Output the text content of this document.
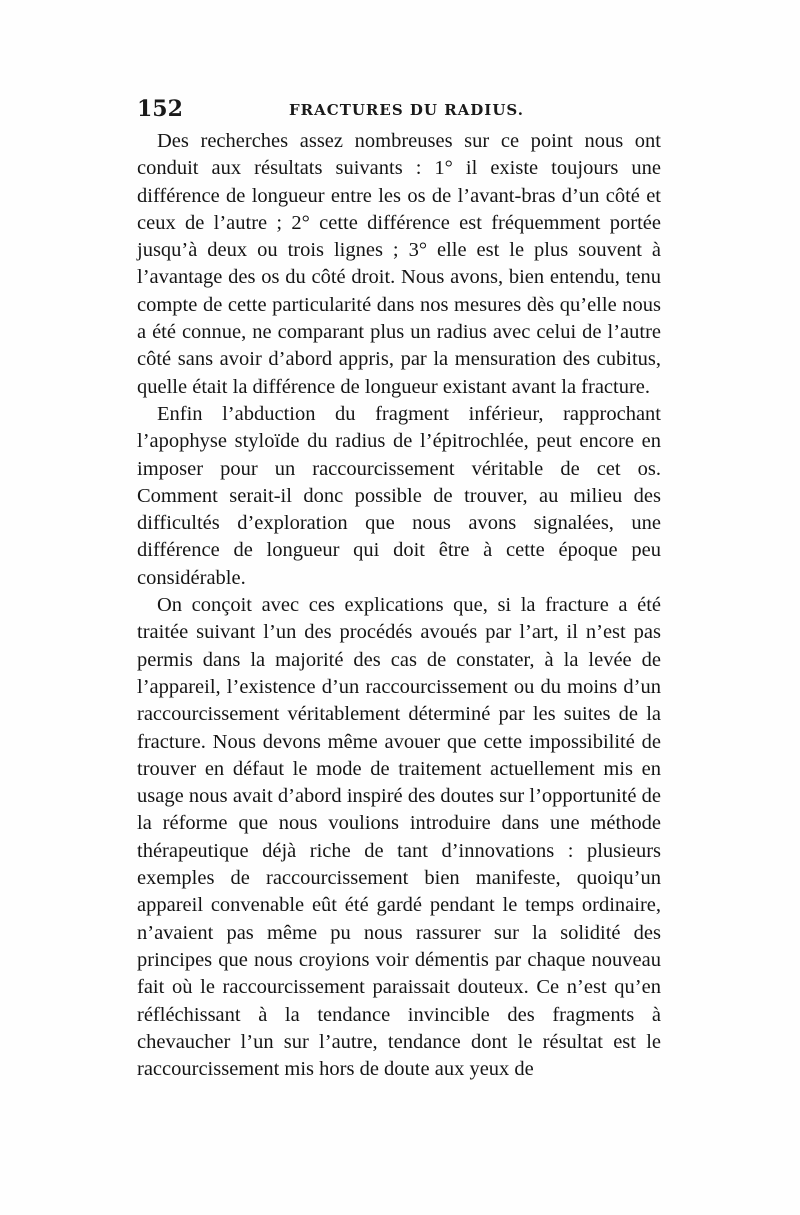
152	FRACTURES DU RADIUS.

Des recherches assez nombreuses sur ce point nous ont conduit aux résultats suivants : 1° il existe toujours une différence de longueur entre les os de l’avant-bras d’un côté et ceux de l’autre ; 2° cette différence est fréquemment portée jusqu’à deux ou trois lignes ; 3° elle est le plus souvent à l’avantage des os du côté droit. Nous avons, bien entendu, tenu compte de cette particularité dans nos mesures dès qu’elle nous a été connue, ne comparant plus un radius avec celui de l’autre côté sans avoir d’abord appris, par la mensuration des cubitus, quelle était la différence de longueur existant avant la fracture.

Enfin l’abduction du fragment inférieur, rapprochant l’apophyse styloïde du radius de l’épitrochlée, peut encore en imposer pour un raccourcissement véritable de cet os. Comment serait-il donc possible de trouver, au milieu des difficultés d’exploration que nous avons signalées, une différence de longueur qui doit être à cette époque peu considérable.

On conçoit avec ces explications que, si la fracture a été traitée suivant l’un des procédés avoués par l’art, il n’est pas permis dans la majorité des cas de constater, à la levée de l’appareil, l’existence d’un raccourcissement ou du moins d’un raccourcissement véritablement déterminé par les suites de la fracture. Nous devons même avouer que cette impossibilité de trouver en défaut le mode de traitement actuellement mis en usage nous avait d’abord inspiré des doutes sur l’opportunité de la réforme que nous voulions introduire dans une méthode thérapeutique déjà riche de tant d’innovations : plusieurs exemples de raccourcissement bien manifeste, quoiqu’un appareil convenable eût été gardé pendant le temps ordinaire, n’avaient pas même pu nous rassurer sur la solidité des principes que nous croyions voir démentis par chaque nouveau fait où le raccourcissement paraissait douteux. Ce n’est qu’en réfléchissant à la tendance invincible des fragments à chevaucher l’un sur l’autre, tendance dont le résultat est le raccourcissement mis hors de doute aux yeux de
